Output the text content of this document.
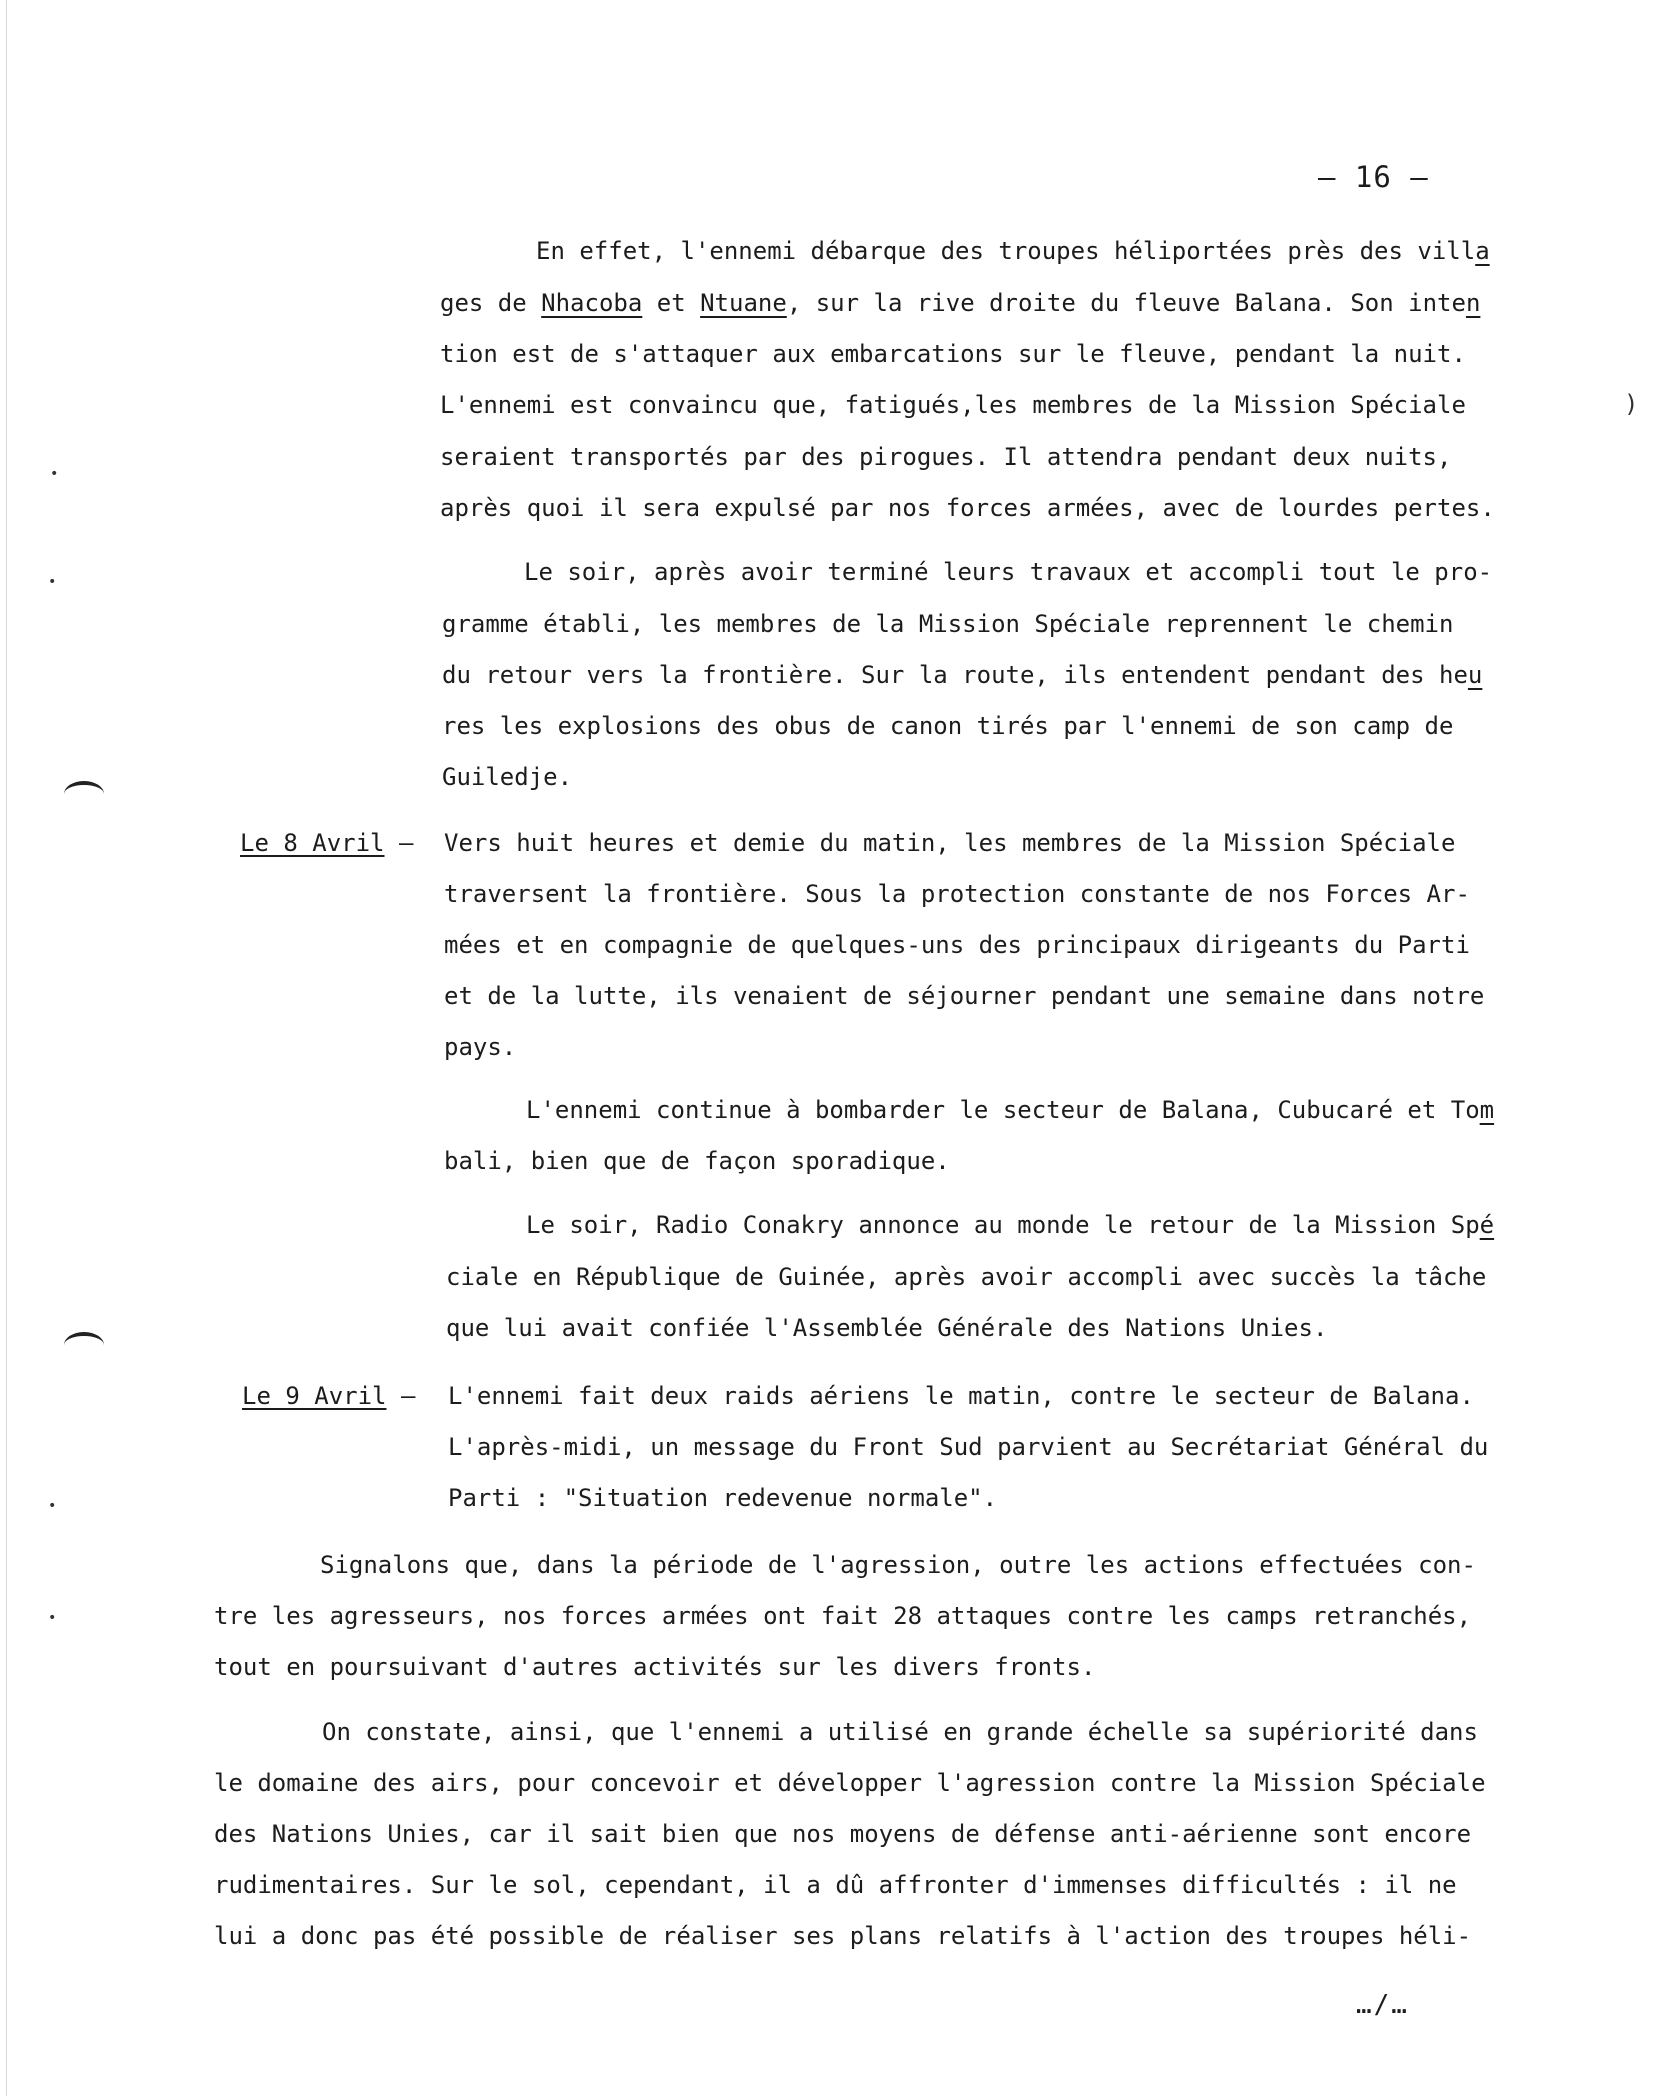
•
•
•
•
)
– 16 –
En effet, l'ennemi débarque des troupes héliportées près des villa
ges de Nhacoba et Ntuane, sur la rive droite du fleuve Balana. Son inten
tion est de s'attaquer aux embarcations sur le fleuve, pendant la nuit.
L'ennemi est convaincu que, fatigués,les membres de la Mission Spéciale
seraient transportés par des pirogues. Il attendra pendant deux nuits,
après quoi il sera expulsé par nos forces armées, avec de lourdes pertes.
Le soir, après avoir terminé leurs travaux et accompli tout le pro-
gramme établi, les membres de la Mission Spéciale reprennent le chemin
du retour vers la frontière. Sur la route, ils entendent pendant des heu
res les explosions des obus de canon tirés par l'ennemi de son camp de
Guiledje.
Le 8 Avril – Vers huit heures et demie du matin, les membres de la Mission Spéciale
traversent la frontière. Sous la protection constante de nos Forces Ar-
mées et en compagnie de quelques-uns des principaux dirigeants du Parti
et de la lutte, ils venaient de séjourner pendant une semaine dans notre
pays.
L'ennemi continue à bombarder le secteur de Balana, Cubucaré et Tom
bali, bien que de façon sporadique.
Le soir, Radio Conakry annonce au monde le retour de la Mission Spé
ciale en République de Guinée, après avoir accompli avec succès la tâche
que lui avait confiée l'Assemblée Générale des Nations Unies.
Le 9 Avril – L'ennemi fait deux raids aériens le matin, contre le secteur de Balana.
L'après-midi, un message du Front Sud parvient au Secrétariat Général du
Parti : "Situation redevenue normale".
Signalons que, dans la période de l'agression, outre les actions effectuées con-
tre les agresseurs, nos forces armées ont fait 28 attaques contre les camps retranchés,
tout en poursuivant d'autres activités sur les divers fronts.
On constate, ainsi, que l'ennemi a utilisé en grande échelle sa supériorité dans
le domaine des airs, pour concevoir et développer l'agression contre la Mission Spéciale
des Nations Unies, car il sait bien que nos moyens de défense anti-aérienne sont encore
rudimentaires. Sur le sol, cependant, il a dû affronter d'immenses difficultés : il ne
lui a donc pas été possible de réaliser ses plans relatifs à l'action des troupes héli-
…/…
